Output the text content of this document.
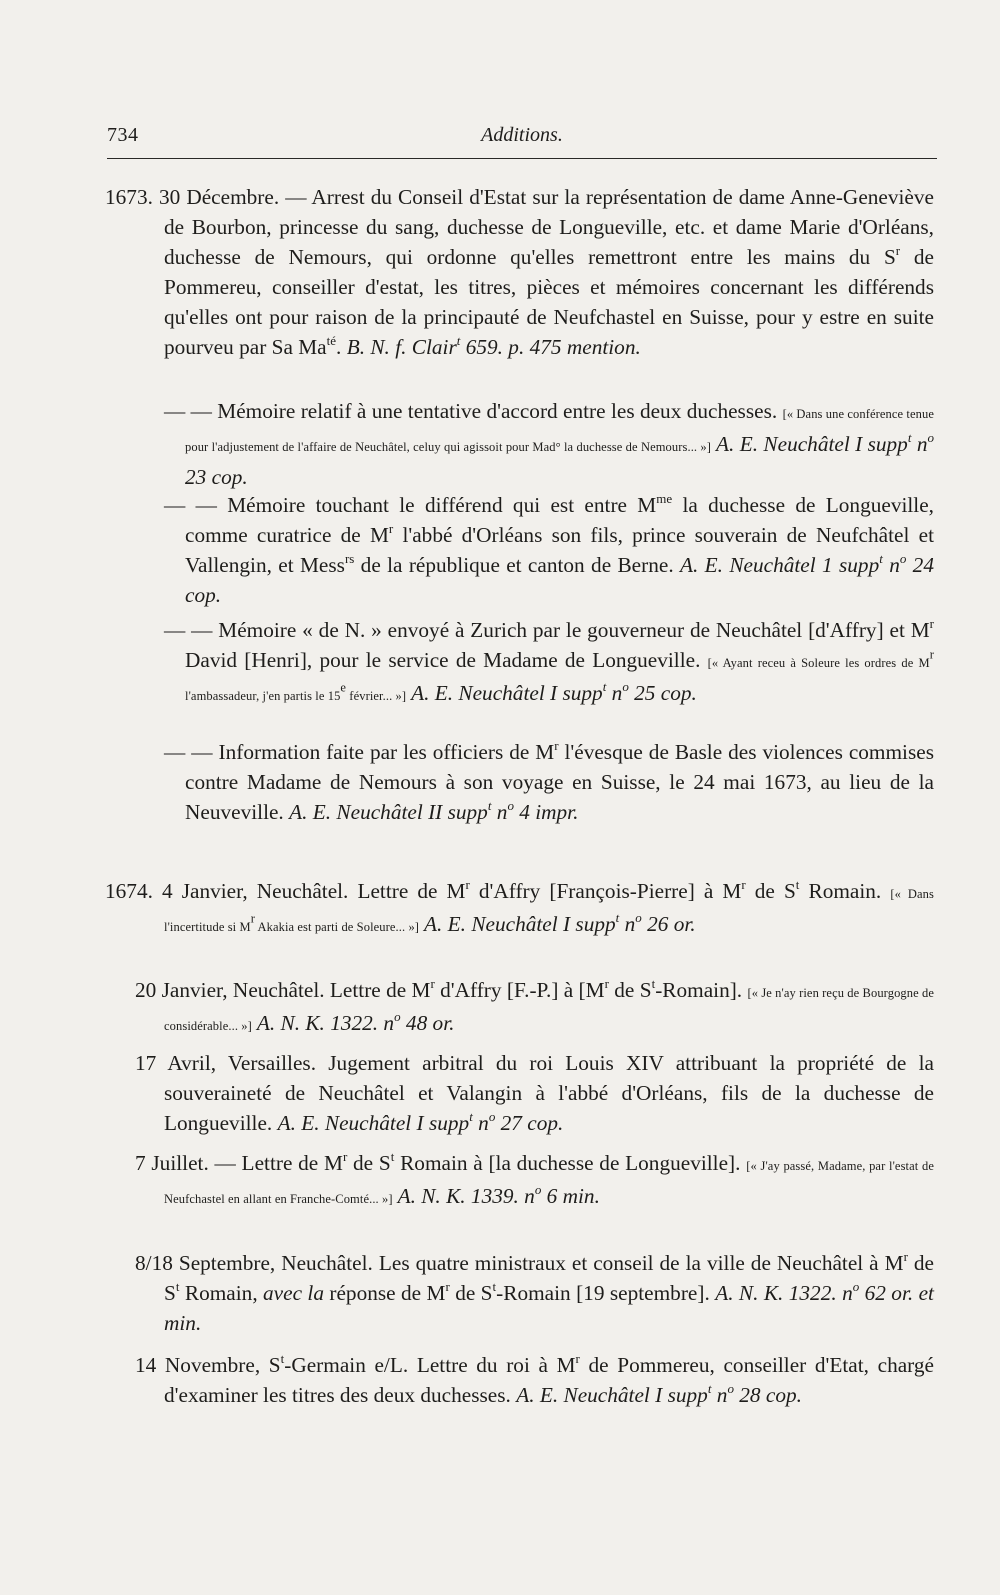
734	Additions.

1673. 30 Décembre. — Arrest du Conseil d'Estat sur la représentation de dame Anne-Geneviève de Bourbon, princesse du sang, duchesse de Longueville, etc. et dame Marie d'Orléans, duchesse de Nemours, qui ordonne qu'elles remettront entre les mains du $S^r$ de Pommereu, conseiller d'estat, les titres, pièces et mémoires concernant les différends qu'elles ont pour raison de la principauté de Neufchastel en Suisse, pour y estre en suite pourveu par Sa $Ma^{té}$. B. N. f. Clair$^t$ 659. p. 475 mention.

— — Mémoire relatif à une tentative d'accord entre les deux duchesses. [« Dans une conférence tenue pour l'adjustement de l'affaire de Neuchâtel, celuy qui agissoit pour Mad° la duchesse de Nemours... »] A. E. Neuchâtel I supp$^t$ $n^o$ 23 cop.

— — Mémoire touchant le différend qui est entre $M^{me}$ la duchesse de Longueville, comme curatrice de $M^r$ l'abbé d'Orléans son fils, prince souverain de Neufchâtel et Vallengin, et Mess$^{rs}$ de la république et canton de Berne. A. E. Neuchâtel 1 supp$^t$ $n^o$ 24 cop.

— — Mémoire « de N. » envoyé à Zurich par le gouverneur de Neuchâtel [d'Affry] et $M^r$ David [Henri], pour le service de Madame de Longueville. [« Ayant receu à Soleure les ordres de $M^r$ l'ambassadeur, j'en partis le 15e février... »] A. E. Neuchâtel I supp$^t$ $n^o$ 25 cop.

— — Information faite par les officiers de $M^r$ l'évesque de Basle des violences commises contre Madame de Nemours à son voyage en Suisse, le 24 mai 1673, au lieu de la Neuveville. A. E. Neuchâtel II supp$^t$ $n^o$ 4 impr.

1674. 4 Janvier, Neuchâtel. Lettre de $M^r$ d'Affry [François-Pierre] à $M^r$ de $S^t$ Romain. [« Dans l'incertitude si $M^r$ Akakia est parti de Soleure... »] A. E. Neuchâtel I supp$^t$ $n^o$ 26 or.

20 Janvier, Neuchâtel. Lettre de $M^r$ d'Affry [F.-P.] à [$M^r$ de $S^t-Romain$]. [« Je n'ay rien reçu de Bourgogne de considérable... »] A. N. K. 1322. $n^o$ 48 or.

17 Avril, Versailles. Jugement arbitral du roi Louis XIV attribuant la propriété de la souveraineté de Neuchâtel et Valangin à l'abbé d'Orléans, fils de la duchesse de Longueville. A. E. Neuchâtel I supp$^t$ $n^o$ 27 cop.

7 Juillet. — Lettre de $M^r$ de $S^t$ Romain à [la duchesse de Longueville]. [« J'ay passé, Madame, par l'estat de Neufchastel en allant en Franche-Comté... »] A. N. K. 1339. $n^o$ 6 min.

8/18 Septembre, Neuchâtel. Les quatre ministraux et conseil de la ville de Neuchâtel à $M^r$ de $S^t$ Romain, avec la réponse de $M^r$ de $S^t$-Romain [19 septembre]. A. N. K. 1322. $n^o$ 62 or. et min.

14 Novembre, $S^t$-Germain e/L. Lettre du roi à $M^r$ de Pommereu, conseiller d'Etat, chargé d'examiner les titres des deux duchesses. A. E. Neuchâtel I supp$^t$ $n^o$ 28 cop.
